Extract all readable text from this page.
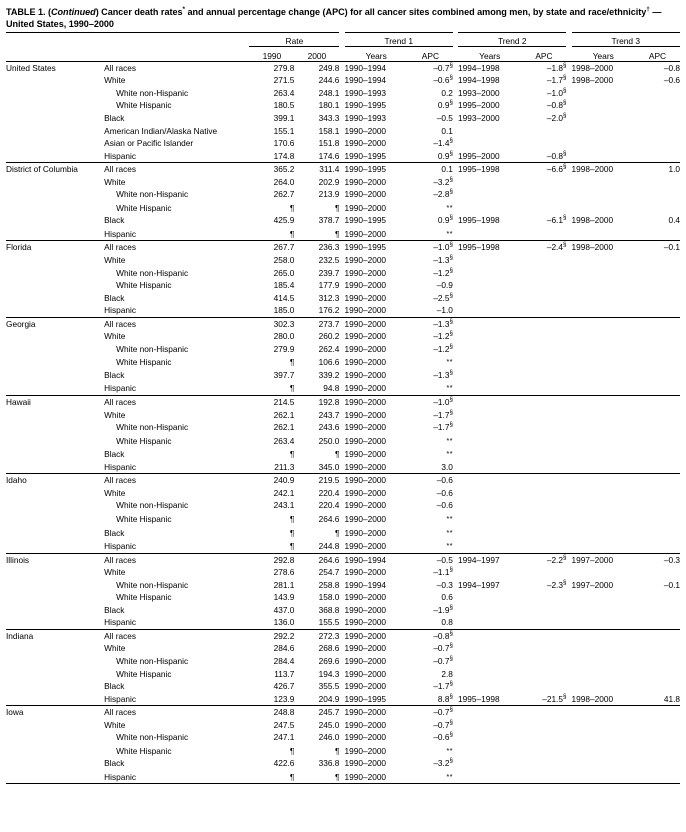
TABLE 1. (Continued) Cancer death rates* and annual percentage change (APC) for all cancer sites combined among men, by state and race/ethnicity† — United States, 1990–2000
		Rate			Trend 1			Trend 2			Trend 3	
		1990	2000		Years	APC		Years	APC		Years	APC
United States	All races	279.8	249.8		1990–1994	–0.7§		1994–1998	–1.8§		1998–2000	–0.8
	White	271.5	244.6		1990–1994	–0.6§		1994–1998	–1.7§		1998–2000	–0.6
	White non-Hispanic	263.4	248.1		1990–1993	0.2		1993–2000	–1.0§			
	White Hispanic	180.5	180.1		1990–1995	0.9§		1995–2000	–0.8§			
	Black	399.1	343.3		1990–1993	–0.5		1993–2000	–2.0§			
	American Indian/Alaska Native	155.1	158.1		1990–2000	0.1						
	Asian or Pacific Islander	170.6	151.8		1990–2000	–1.4§						
	Hispanic	174.8	174.6		1990–1995	0.9§		1995–2000	–0.8§			
District of Columbia	All races	365.2	311.4		1990–1995	0.1		1995–1998	–6.6§		1998–2000	1.0
	White	264.0	202.9		1990–2000	–3.2§						
	White non-Hispanic	262.7	213.9		1990–2000	–2.8§						
	White Hispanic	¶	¶		1990–2000	**						
	Black	425.9	378.7		1990–1995	0.9§		1995–1998	–6.1§		1998–2000	0.4
	Hispanic	¶	¶		1990–2000	**						
Florida	All races	267.7	236.3		1990–1995	–1.0§		1995–1998	–2.4§		1998–2000	–0.1
	White	258.0	232.5		1990–2000	–1.3§						
	White non-Hispanic	265.0	239.7		1990–2000	–1.2§						
	White Hispanic	185.4	177.9		1990–2000	–0.9						
	Black	414.5	312.3		1990–2000	–2.5§						
	Hispanic	185.0	176.2		1990–2000	–1.0						
Georgia	All races	302.3	273.7		1990–2000	–1.3§						
	White	280.0	260.2		1990–2000	–1.2§						
	White non-Hispanic	279.9	262.4		1990–2000	–1.2§						
	White Hispanic	¶	106.6		1990–2000	**						
	Black	397.7	339.2		1990–2000	–1.3§						
	Hispanic	¶	94.8		1990–2000	**						
Hawaii	All races	214.5	192.8		1990–2000	–1.0§						
	White	262.1	243.7		1990–2000	–1.7§						
	White non-Hispanic	262.1	243.6		1990–2000	–1.7§						
	White Hispanic	263.4	250.0		1990–2000	**						
	Black	¶	¶		1990–2000	**						
	Hispanic	211.3	345.0		1990–2000	3.0						
Idaho	All races	240.9	219.5		1990–2000	–0.6						
	White	242.1	220.4		1990–2000	–0.6						
	White non-Hispanic	243.1	220.4		1990–2000	–0.6						
	White Hispanic	¶	264.6		1990–2000	**						
	Black	¶	¶		1990–2000	**						
	Hispanic	¶	244.8		1990–2000	**						
Illinois	All races	292.8	264.6		1990–1994	–0.5		1994–1997	–2.2§		1997–2000	–0.3
	White	278.6	254.7		1990–2000	–1.1§						
	White non-Hispanic	281.1	258.8		1990–1994	–0.3		1994–1997	–2.3§		1997–2000	–0.1
	White Hispanic	143.9	158.0		1990–2000	0.6						
	Black	437.0	368.8		1990–2000	–1.9§						
	Hispanic	136.0	155.5		1990–2000	0.8						
Indiana	All races	292.2	272.3		1990–2000	–0.8§						
	White	284.6	268.6		1990–2000	–0.7§						
	White non-Hispanic	284.4	269.6		1990–2000	–0.7§						
	White Hispanic	113.7	194.3		1990–2000	2.8						
	Black	426.7	355.5		1990–2000	–1.7§						
	Hispanic	123.9	204.9		1990–1995	8.8§		1995–1998	–21.5§		1998–2000	41.8
Iowa	All races	248.8	245.7		1990–2000	–0.7§						
	White	247.5	245.0		1990–2000	–0.7§						
	White non-Hispanic	247.1	246.0		1990–2000	–0.6§						
	White Hispanic	¶	¶		1990–2000	**						
	Black	422.6	336.8		1990–2000	–3.2§						
	Hispanic	¶	¶		1990–2000	**						
